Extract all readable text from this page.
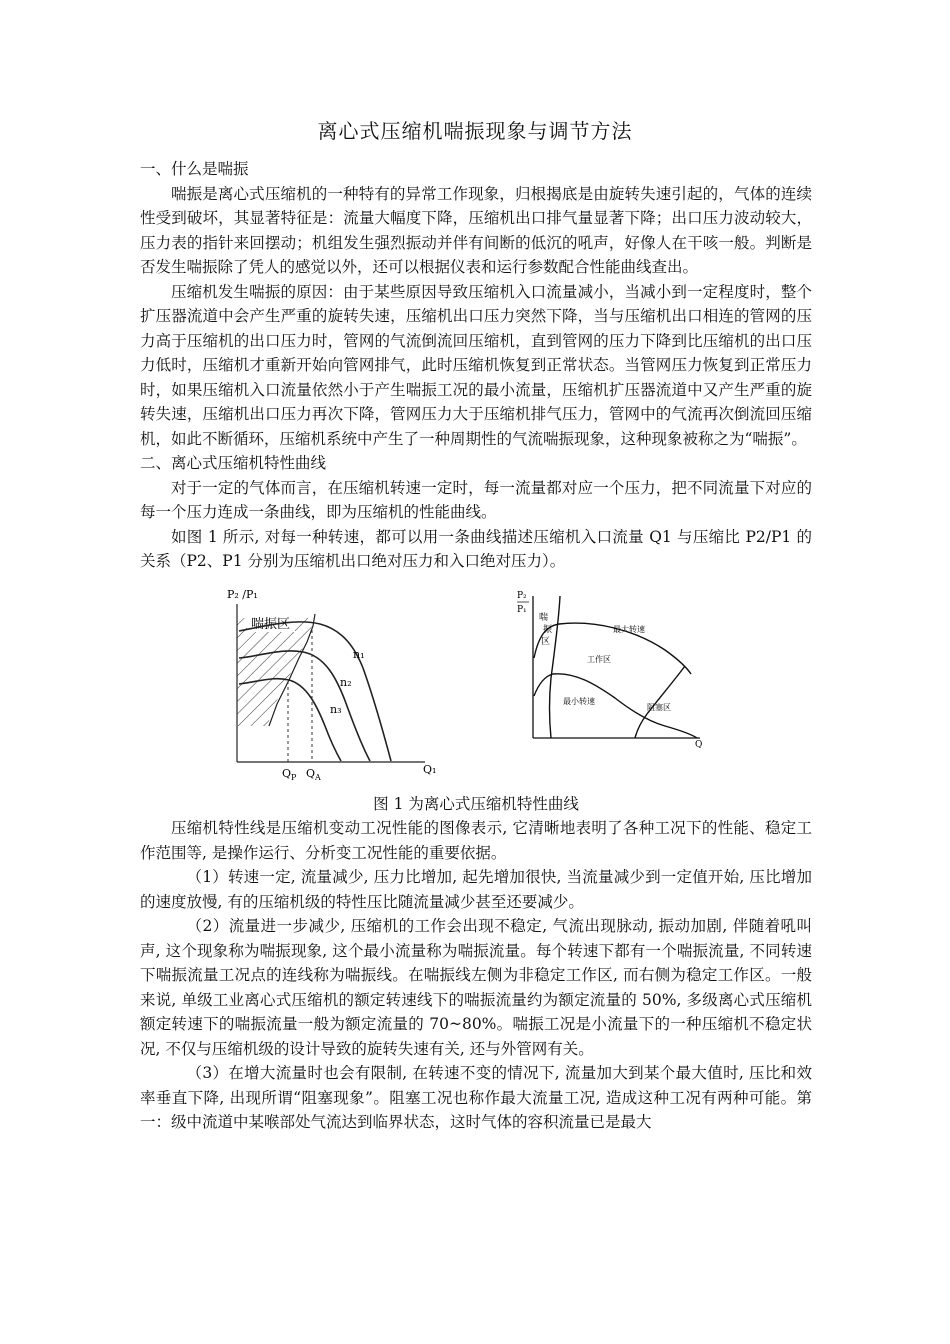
离心式压缩机喘振现象与调节方法

一、什么是喘振

喘振是离心式压缩机的一种特有的异常工作现象，归根揭底是由旋转失速引起的，气体的连续性受到破坏，其显著特征是：流量大幅度下降，压缩机出口排气量显著下降；出口压力波动较大，压力表的指针来回摆动；机组发生强烈振动并伴有间断的低沉的吼声，好像人在干咳一般。判断是否发生喘振除了凭人的感觉以外，还可以根据仪表和运行参数配合性能曲线查出。

压缩机发生喘振的原因：由于某些原因导致压缩机入口流量减小，当减小到一定程度时，整个扩压器流道中会产生严重的旋转失速，压缩机出口压力突然下降，当与压缩机出口相连的管网的压力高于压缩机的出口压力时，管网的气流倒流回压缩机，直到管网的压力下降到比压缩机的出口压力低时，压缩机才重新开始向管网排气，此时压缩机恢复到正常状态。当管网压力恢复到正常压力时，如果压缩机入口流量依然小于产生喘振工况的最小流量，压缩机扩压器流道中又产生严重的旋转失速，压缩机出口压力再次下降，管网压力大于压缩机排气压力，管网中的气流再次倒流回压缩机，如此不断循环，压缩机系统中产生了一种周期性的气流喘振现象，这种现象被称之为“喘振”。

二、离心式压缩机特性曲线

对于一定的气体而言，在压缩机转速一定时，每一流量都对应一个压力，把不同流量下对应的每一个压力连成一条曲线，即为压缩机的性能曲线。

如图 1 所示, 对每一种转速，都可以用一条曲线描述压缩机入口流量 Q1 与压缩比 P2/P1 的关系（P2、P1 分别为压缩机出口绝对压力和入口绝对压力）。

P₂ /P₁
喘振区
n₁
n₂
n₃
$Q_P$ $Q_A$
Q₁
P₂
P₁
喘
振
区
最大转速
工作区
最小转速
阻塞区
Q

图 1 为离心式压缩机特性曲线

压缩机特性线是压缩机变动工况性能的图像表示, 它清晰地表明了各种工况下的性能、稳定工作范围等, 是操作运行、分析变工况性能的重要依据。

（1）转速一定, 流量减少, 压力比增加, 起先增加很快, 当流量减少到一定值开始, 压比增加的速度放慢, 有的压缩机级的特性压比随流量减少甚至还要减少。

（2）流量进一步减少, 压缩机的工作会出现不稳定, 气流出现脉动, 振动加剧, 伴随着吼叫声, 这个现象称为喘振现象, 这个最小流量称为喘振流量。每个转速下都有一个喘振流量, 不同转速下喘振流量工况点的连线称为喘振线。在喘振线左侧为非稳定工作区, 而右侧为稳定工作区。一般来说, 单级工业离心式压缩机的额定转速线下的喘振流量约为额定流量的 50%, 多级离心式压缩机额定转速下的喘振流量一般为额定流量的 70~80%。喘振工况是小流量下的一种压缩机不稳定状况, 不仅与压缩机级的设计导致的旋转失速有关, 还与外管网有关。

（3）在增大流量时也会有限制, 在转速不变的情况下, 流量加大到某个最大值时, 压比和效率垂直下降, 出现所谓“阻塞现象”。阻塞工况也称作最大流量工况, 造成这种工况有两种可能。第一：级中流道中某喉部处气流达到临界状态，这时气体的容积流量已是最大
